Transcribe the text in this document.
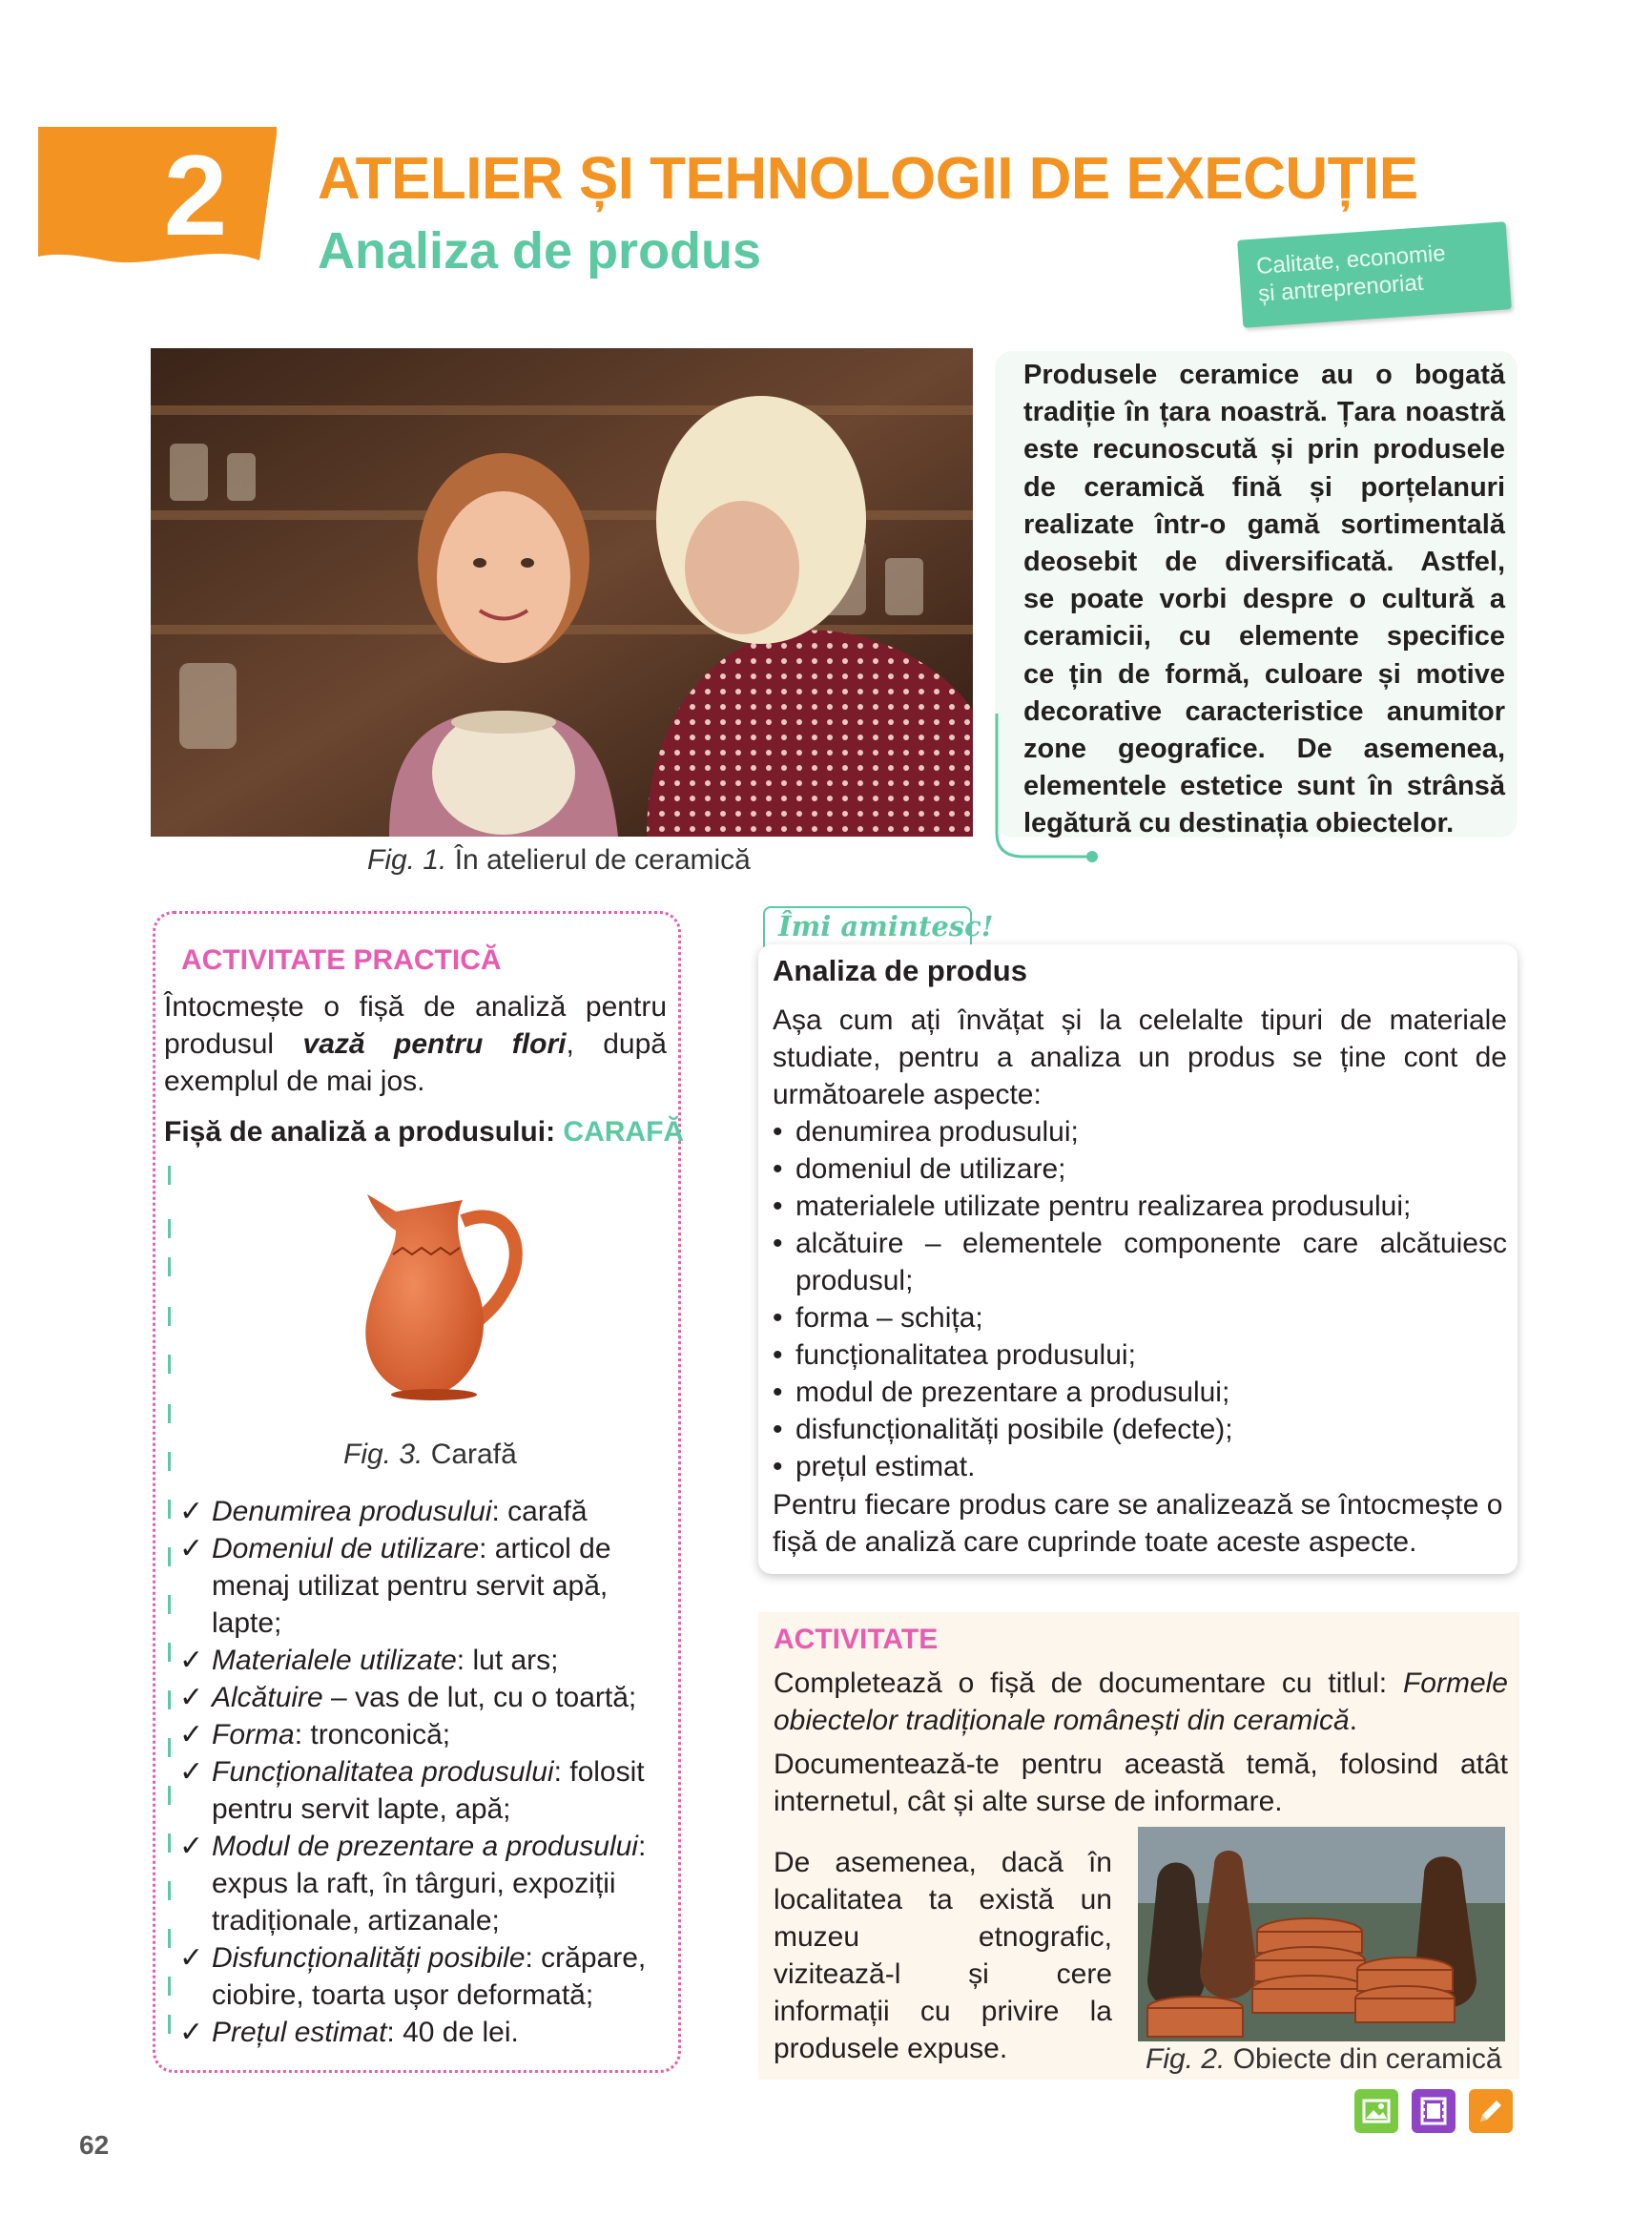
2	ATELIER ȘI TEHNOLOGII DE EXECUȚIE
Analiza de produs	Calitate, economie
și antreprenoriat
Fig. 1. În atelierul de ceramică
Produsele ceramice au o bogată
tradiție în țara noastră. Țara noastră
este recunoscută și prin produsele
de ceramică fină și porțelanuri
realizate într-o gamă sortimentală
deosebit de diversificată. Astfel,
se poate vorbi despre o cultură a
ceramicii, cu elemente specifice
ce țin de formă, culoare și motive
decorative caracteristice anumitor
zone geografice. De asemenea,
elementele estetice sunt în strânsă
legătură cu destinația obiectelor.
ACTIVITATE PRACTICĂ
Întocmește o fișă de analiză pentru produsul vază pentru flori, după exemplul de mai jos.
Fișă de analiză a produsului: CARAFĂ
Fig. 3. Carafă

✓ Denumirea produsului: carafă

✓ Domeniul de utilizare: articol de menaj utilizat pentru servit apă, lapte;

✓ Materialele utilizate: lut ars;

✓ Alcătuire – vas de lut, cu o toartă;

✓ Forma: tronconică;

✓ Funcționalitatea produsului: folosit pentru servit lapte, apă;

✓ Modul de prezentare a produsului: expus la raft, în târguri, expoziții tradiționale, artizanale;

✓ Disfuncționalități posibile: crăpare, ciobire, toarta ușor deformată;

✓ Prețul estimat: 40 de lei.

Îmi amintesc!
Analiza de produs
Așa cum ați învățat și la celelalte tipuri de materiale studiate, pentru a analiza un produs se ține cont de următoarele aspecte:
• denumirea produsului;
• domeniul de utilizare;
• materialele utilizate pentru realizarea produsului;
• alcătuire – elementele componente care alcătuiesc produsul;
• forma – schița;
• funcționalitatea produsului;
• modul de prezentare a produsului;
• disfuncționalități posibile (defecte);
• prețul estimat.
Pentru fiecare produs care se analizează se întocmește o fișă de analiză care cuprinde toate aceste aspecte.
ACTIVITATE
Completează o fișă de documentare cu titlul: Formele obiectelor tradiționale românești din ceramică.
Documentează-te pentru această temă, folosind atât internetul, cât și alte surse de informare.
De asemenea, dacă în localitatea ta există un muzeu etnografic, vizitează-l și cere informații cu privire la produsele expuse.	Fig. 2. Obiecte din ceramică
62
